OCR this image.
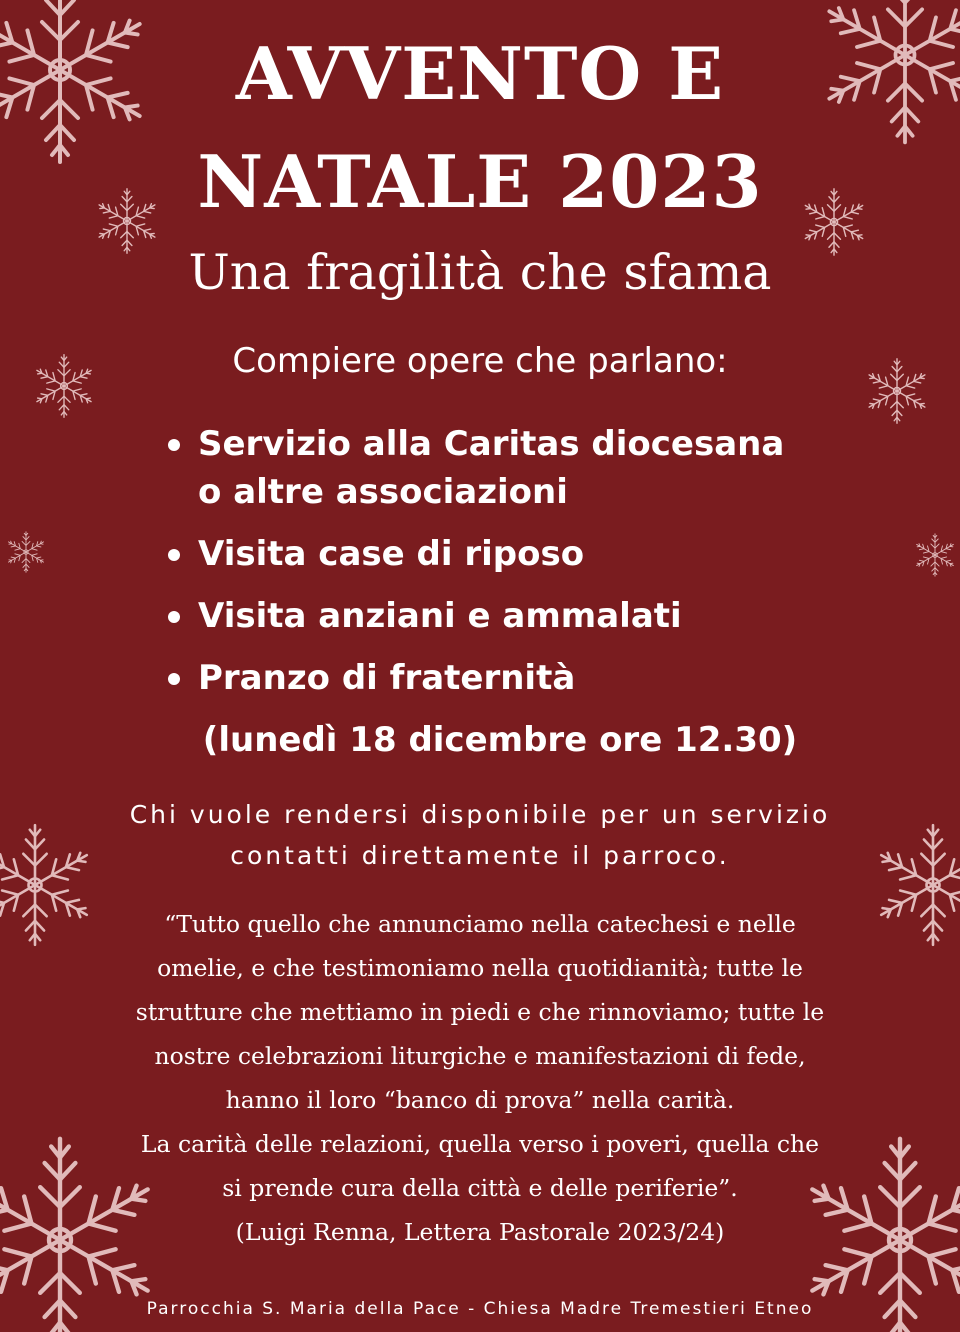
AVVENTO E
NATALE 2023
Una fragilità che sfama
Compiere opere che parlano:
Servizio alla Caritas diocesana
o altre associazioni
Visita case di riposo
Visita anziani e ammalati
Pranzo di fraternità
(lunedì 18 dicembre ore 12.30)
Chi vuole rendersi disponibile per un servizio
contatti direttamente il parroco.
“Tutto quello che annunciamo nella catechesi e nelle
omelie, e che testimoniamo nella quotidianità; tutte le
strutture che mettiamo in piedi e che rinnoviamo; tutte le
nostre celebrazioni liturgiche e manifestazioni di fede,
hanno il loro “banco di prova” nella carità.
La carità delle relazioni, quella verso i poveri, quella che
si prende cura della città e delle periferie”.
(Luigi Renna, Lettera Pastorale 2023/24)
Parrocchia S. Maria della Pace - Chiesa Madre Tremestieri Etneo
